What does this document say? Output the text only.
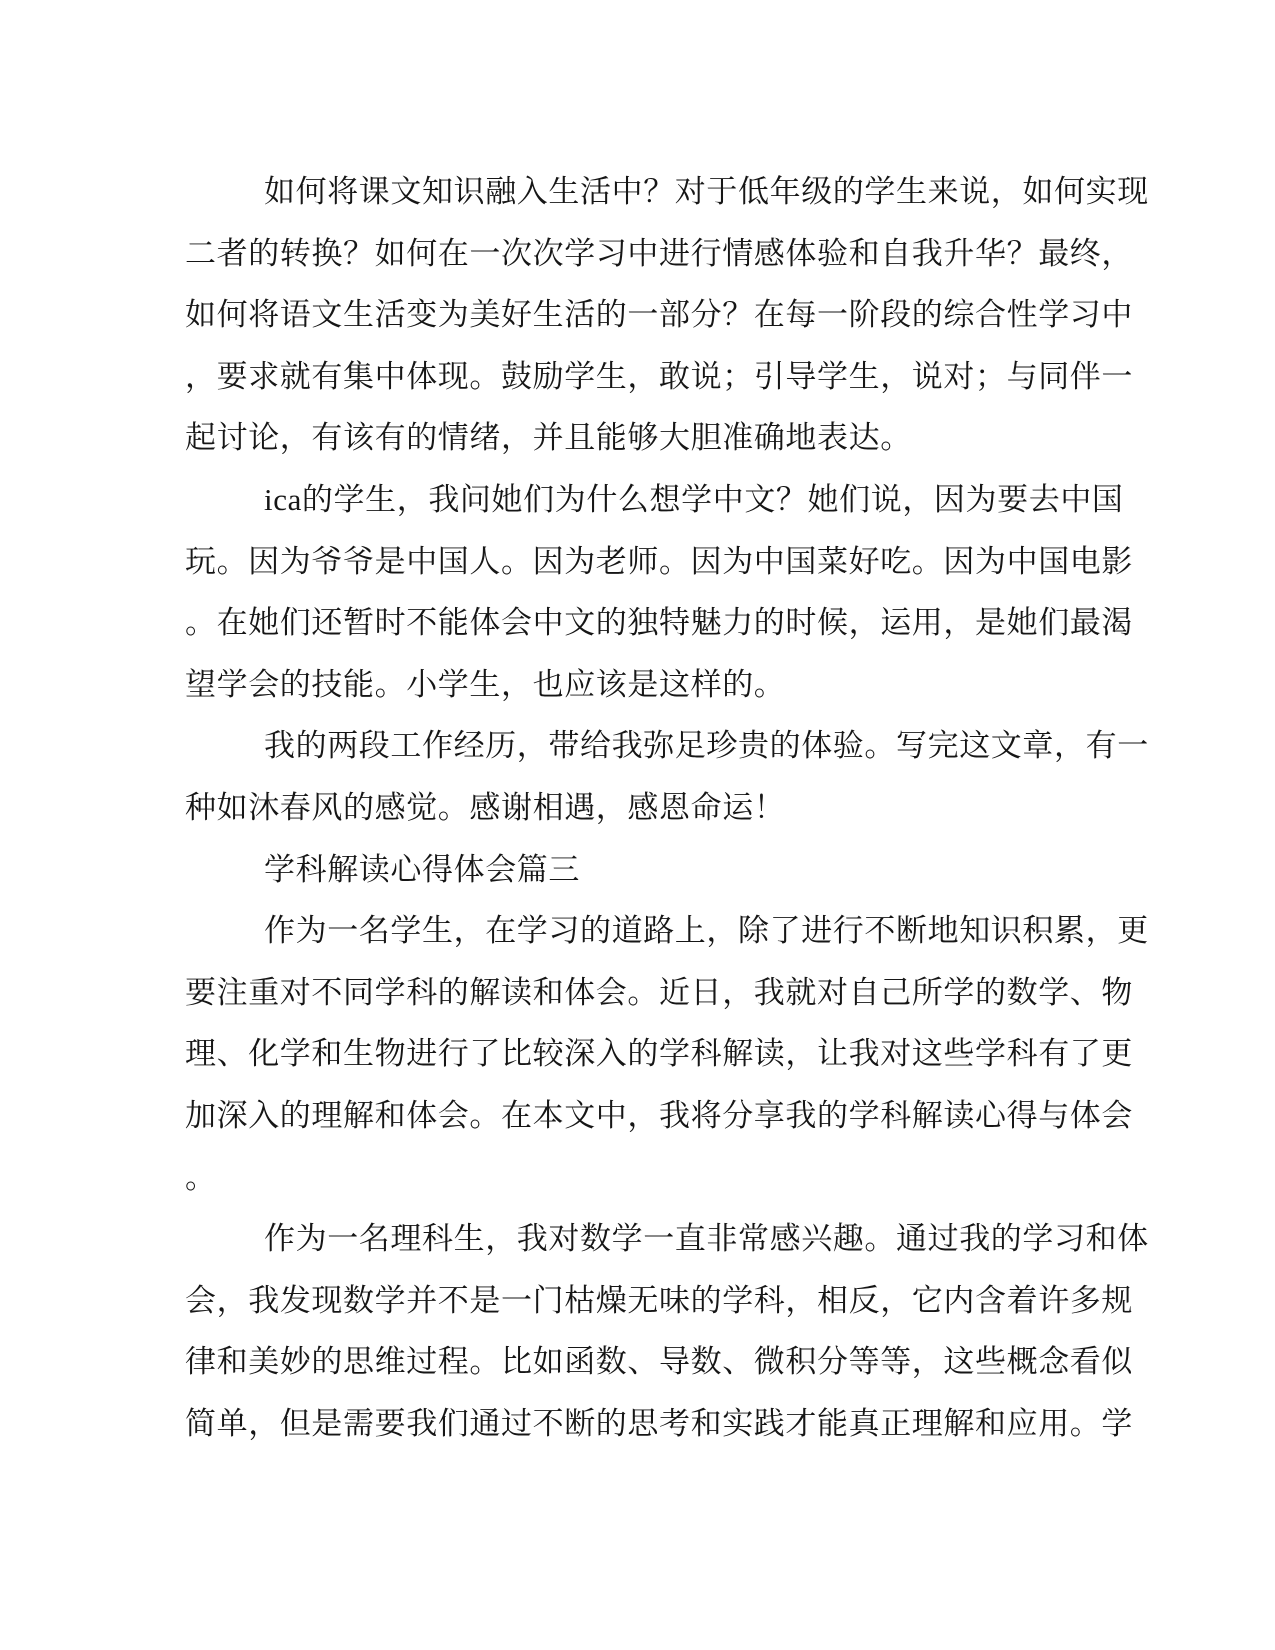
如何将课文知识融入生活中？对于低年级的学生来说，如何实现
二者的转换？如何在一次次学习中进行情感体验和自我升华？最终，
如何将语文生活变为美好生活的一部分？在每一阶段的综合性学习中
，要求就有集中体现。鼓励学生，敢说；引导学生，说对；与同伴一
起讨论，有该有的情绪，并且能够大胆准确地表达。
ica的学生，我问她们为什么想学中文？她们说，因为要去中国
玩。因为爷爷是中国人。因为老师。因为中国菜好吃。因为中国电影
。在她们还暂时不能体会中文的独特魅力的时候，运用，是她们最渴
望学会的技能。小学生，也应该是这样的。
我的两段工作经历，带给我弥足珍贵的体验。写完这文章，有一
种如沐春风的感觉。感谢相遇，感恩命运！
学科解读心得体会篇三
作为一名学生，在学习的道路上，除了进行不断地知识积累，更
要注重对不同学科的解读和体会。近日，我就对自己所学的数学、物
理、化学和生物进行了比较深入的学科解读，让我对这些学科有了更
加深入的理解和体会。在本文中，我将分享我的学科解读心得与体会
。
作为一名理科生，我对数学一直非常感兴趣。通过我的学习和体
会，我发现数学并不是一门枯燥无味的学科，相反，它内含着许多规
律和美妙的思维过程。比如函数、导数、微积分等等，这些概念看似
简单，但是需要我们通过不断的思考和实践才能真正理解和应用。学
